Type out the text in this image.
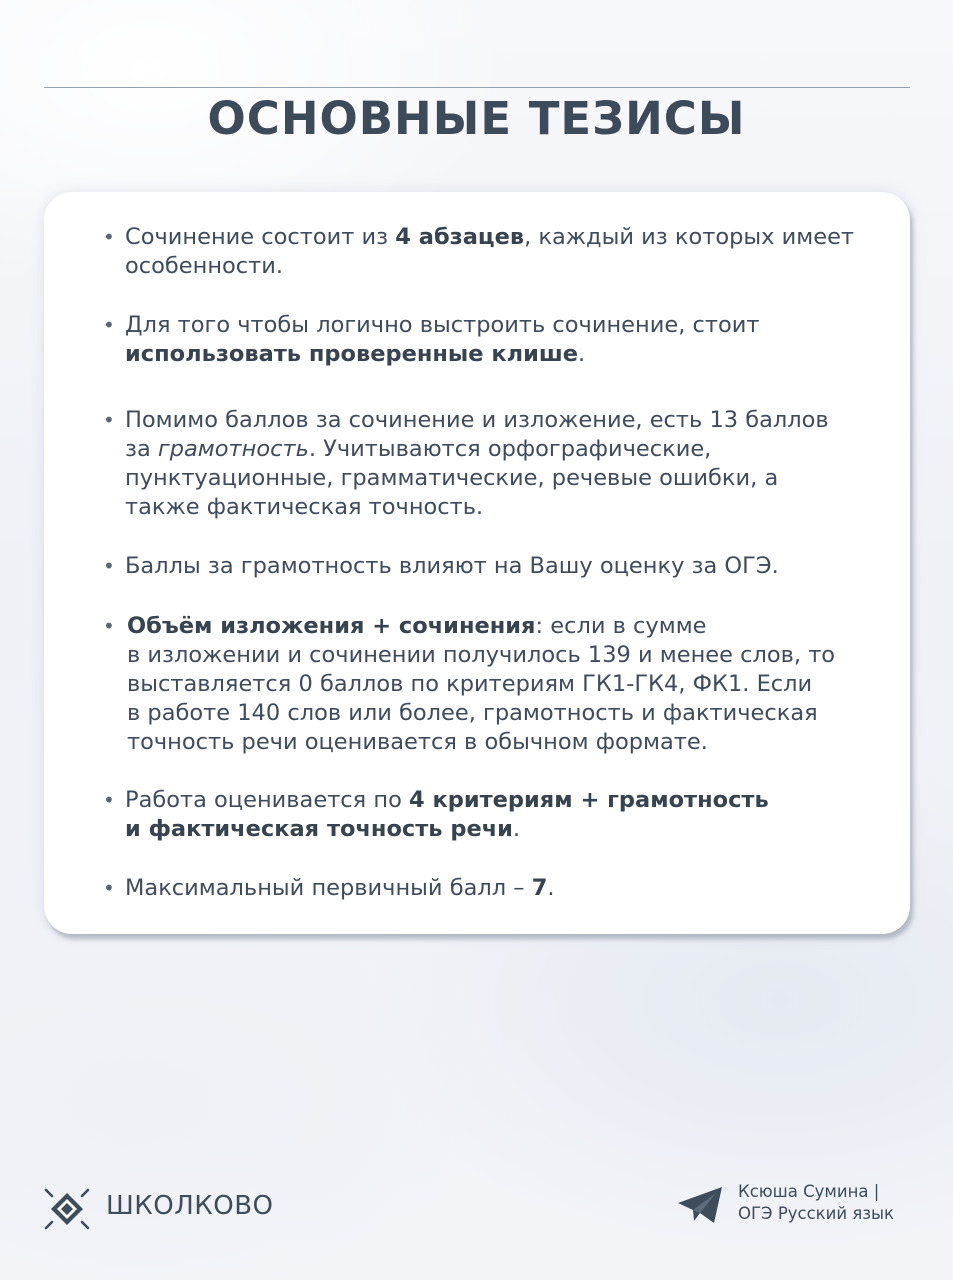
ОСНОВНЫЕ ТЕЗИСЫ
• Сочинение состоит из 4 абзацев, каждый из которых имеет
особенности.
• Для того чтобы логично выстроить сочинение, стоит
использовать проверенные клише.
• Помимо баллов за сочинение и изложение, есть 13 баллов
за грамотность. Учитываются орфографические,
пунктуационные, грамматические, речевые ошибки, а
также фактическая точность.
• Баллы за грамотность влияют на Вашу оценку за ОГЭ.
• Объём изложения + сочинения: если в сумме
в изложении и сочинении получилось 139 и менее слов, то
выставляется 0 баллов по критериям ГК1-ГК4, ФК1. Если
в работе 140 слов или более, грамотность и фактическая
точность речи оценивается в обычном формате.
• Работа оценивается по 4 критериям + грамотность
и фактическая точность речи.
• Максимальный первичный балл – 7.
ШКОЛКОВО	Ксюша Сумина |
ОГЭ Русский язык
